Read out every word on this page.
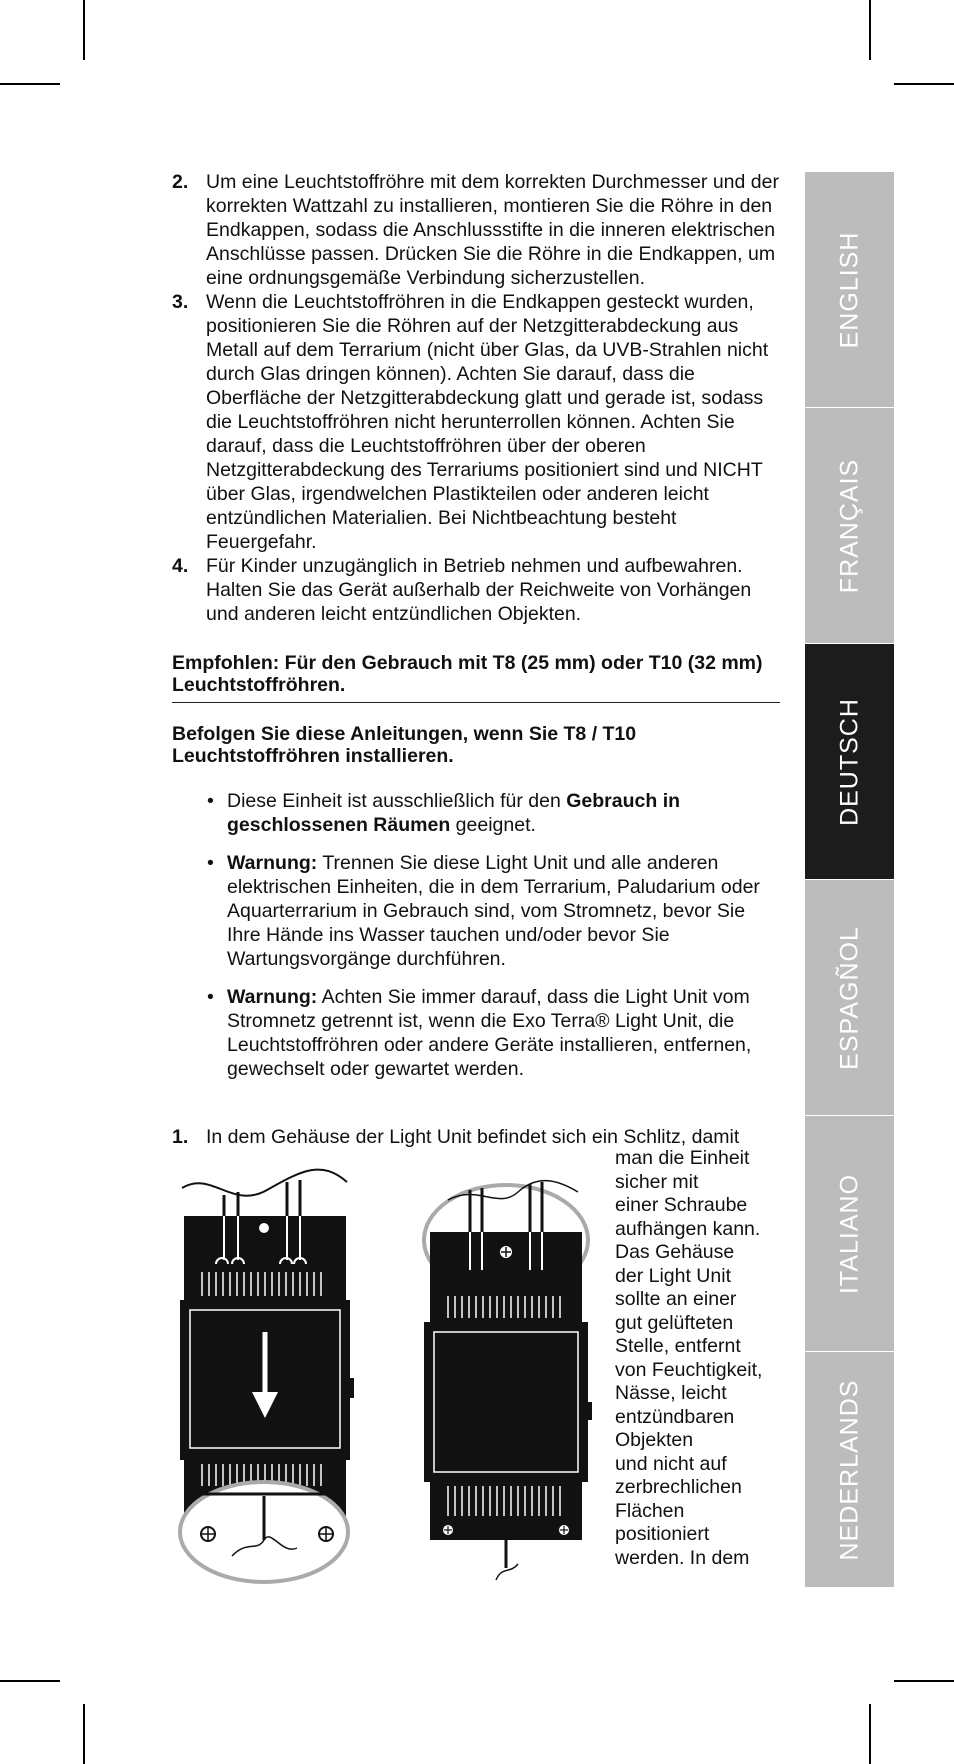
2. Um eine Leuchtstoffröhre mit dem korrekten Durchmesser und der korrekten Wattzahl zu installieren, montieren Sie die Röhre in den Endkappen, sodass die Anschlussstifte in die inneren elektrischen Anschlüsse passen. Drücken Sie die Röhre in die Endkappen, um eine ordnungsgemäße Verbindung sicherzustellen.
3. Wenn die Leuchtstoffröhren in die Endkappen gesteckt wurden, positionieren Sie die Röhren auf der Netzgitterabdeckung aus Metall auf dem Terrarium (nicht über Glas, da UVB-Strahlen nicht durch Glas dringen können). Achten Sie darauf, dass die Oberfläche der Netzgitterabdeckung glatt und gerade ist, sodass die Leuchtstoffröhren nicht herunterrollen können. Achten Sie darauf, dass die Leuchtstoffröhren über der oberen Netzgitterabdeckung des Terrariums positioniert sind und NICHT über Glas, irgendwelchen Plastikteilen oder anderen leicht entzündlichen Materialien. Bei Nichtbeachtung besteht Feuergefahr.
4. Für Kinder unzugänglich in Betrieb nehmen und aufbewahren. Halten Sie das Gerät außerhalb der Reichweite von Vorhängen und anderen leicht entzündlichen Objekten.
Empfohlen: Für den Gebrauch mit T8 (25 mm) oder T10 (32 mm) Leuchtstoffröhren.
Befolgen Sie diese Anleitungen, wenn Sie T8 / T10 Leuchtstoffröhren installieren.
• Diese Einheit ist ausschließlich für den Gebrauch in geschlossenen Räumen geeignet.
• Warnung: Trennen Sie diese Light Unit und alle anderen elektrischen Einheiten, die in dem Terrarium, Paludarium oder Aquarterrarium in Gebrauch sind, vom Stromnetz, bevor Sie Ihre Hände ins Wasser tauchen und/oder bevor Sie Wartungsvorgänge durchführen.
• Warnung: Achten Sie immer darauf, dass die Light Unit vom Stromnetz getrennt ist, wenn die Exo Terra® Light Unit, die Leuchtstoffröhren oder andere Geräte installieren, entfernen, gewechselt oder gewartet werden.
1. In dem Gehäuse der Light Unit befindet sich ein Schlitz, damit
man die Einheit
sicher mit
einer Schraube
aufhängen kann.
Das Gehäuse
der Light Unit
sollte an einer
gut gelüfteten
Stelle, entfernt
von Feuchtigkeit,
Nässe, leicht
entzündbaren
Objekten
und nicht auf
zerbrechlichen
Flächen
positioniert
werden. In dem
ENGLISH
FRANÇAIS
DEUTSCH
ESPAGÑOL
ITALIANO
NEDERLANDS
